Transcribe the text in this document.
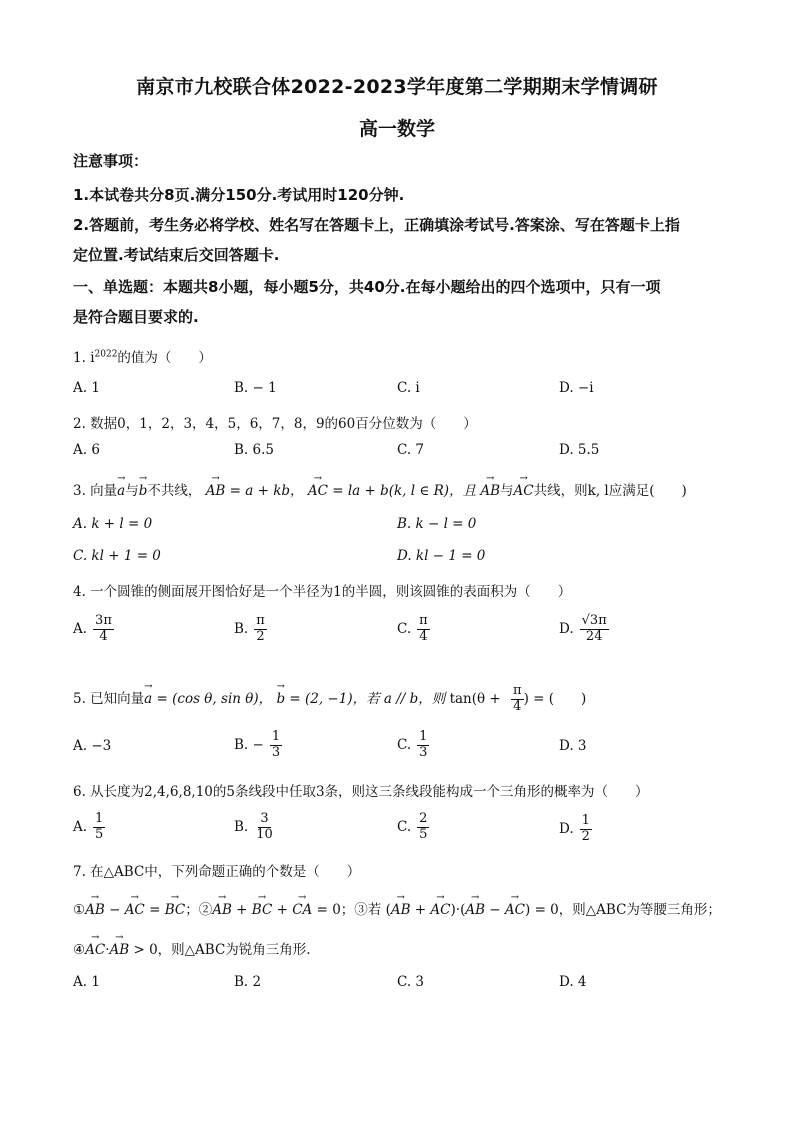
南京市九校联合体2022-2023学年度第二学期期末学情调研
高一数学
注意事项：
1.本试卷共分8页.满分150分.考试用时120分钟.
2.答题前，考生务必将学校、姓名写在答题卡上，正确填涂考试号.答案涂、写在答题卡上指
定位置.考试结束后交回答题卡.
一、单选题：本题共8小题，每小题5分，共40分.在每小题给出的四个选项中，只有一项
是符合题目要求的.
1. $i^{2022}$的值为（　　）
A. 1	B. − 1	C. i	D. −i
2. 数据0，1，2，3，4，5，6，7，8，9的60百分位数为（　　）
A. 6	B. 6.5	C. 7	D. 5.5
3. 向量→ a与→ b不共线， → AB = a + kb， → AC = la + b(k, l ∈ R)，且 → AB与→ AC共线，则k, l应满足(　　)
A. k + l = 0	B. k − l = 0
C. kl + 1 = 0	D. kl − 1 = 0
4. 一个圆锥的侧面展开图恰好是一个半径为1的半圆，则该圆锥的表面积为（　　）
A. $\frac{3\pi}{4}$	B. $\frac{\pi}{2}$	C. $\frac{\pi}{4}$	D. $\frac{√3\pi}{24}$
5. 已知向量→ a = (cos θ, sin θ)， → b = (2, −1)，若 a // b，则 $\tan(\theta + \frac{\pi}{4}$ ) = (　　)
A. −3	B. − $\frac{1}{3}$	C. $\frac{1}{3}$	D. 3
6. 从长度为2,4,6,8,10的5条线段中任取3条，则这三条线段能构成一个三角形的概率为（　　）
A. $\frac{1}{5}$	B. $\frac{3}{10}$	C. $\frac{2}{5}$	D. $\frac{1}{2}$
7. 在△ABC中，下列命题正确的个数是（　　）
①→ AB − → AC = → BC；②→ AB + → BC + → CA = 0；③若 (→ AB + → AC)·(→ AB − → AC) = 0，则△ABC为等腰三角形；
④→ AC·→ AB > 0，则△ABC为锐角三角形.
A. 1	B. 2	C. 3	D. 4
